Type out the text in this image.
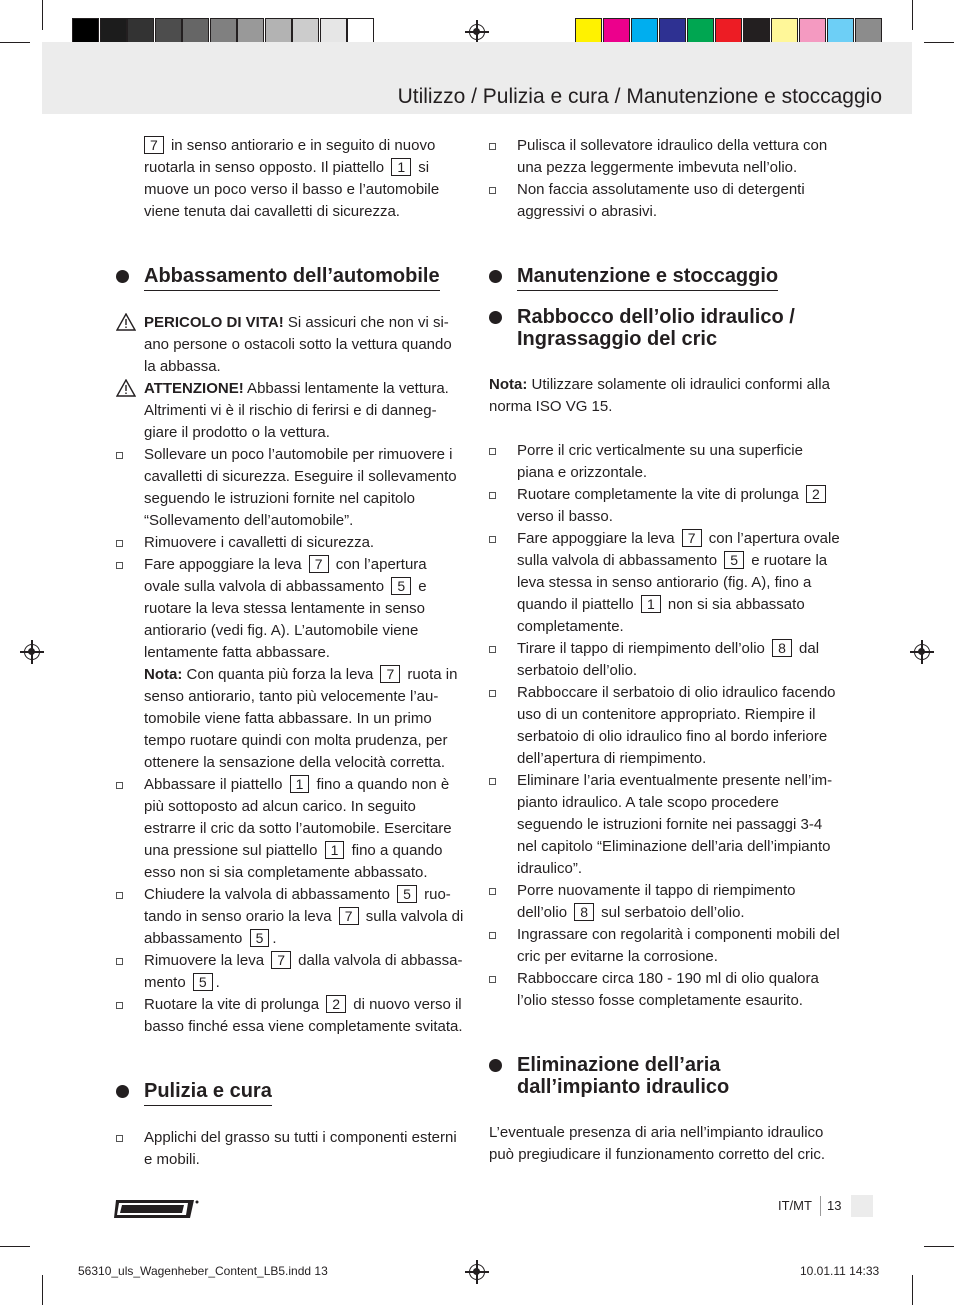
Utilizzo / Pulizia e cura / Manutenzione e stoccaggio

7 in senso antiorario e in seguito di nuovo ruotarla in senso opposto. Il piattello 1 si muove un poco verso il basso e l’automobile viene tenuta dai cavalletti di sicurezza.

Abbassamento dell’automobile

PERICOLO DI VITA! Si assicuri che non vi si-ano persone o ostacoli sotto la vettura quando la abbassa.

ATTENZIONE! Abbassi lentamente la vettura. Altrimenti vi è il rischio di ferirsi e di danneg-giare il prodotto o la vettura.

Sollevare un poco l’automobile per rimuovere i cavalletti di sicurezza. Eseguire il sollevamento seguendo le istruzioni fornite nel capitolo “Sollevamento dell’automobile”.

Rimuovere i cavalletti di sicurezza.

Fare appoggiare la leva 7 con l’apertura ovale sulla valvola di abbassamento 5 e ruotare la leva stessa lentamente in senso antiorario (vedi fig. A). L’automobile viene lentamente fatta abbassare.

Nota: Con quanta più forza la leva 7 ruota in senso antiorario, tanto più velocemente l’au-tomobile viene fatta abbassare. In un primo tempo ruotare quindi con molta prudenza, per ottenere la sensazione della velocità corretta.

Abbassare il piattello 1 fino a quando non è più sottoposto ad alcun carico. In seguito estrarre il cric da sotto l’automobile. Esercitare una pressione sul piattello 1 fino a quando esso non si sia completamente abbassato.

Chiudere la valvola di abbassamento 5 ruo-tando in senso orario la leva 7 sulla valvola di abbassamento 5 .

Rimuovere la leva 7 dalla valvola di abbassa-mento 5 .

Ruotare la vite di prolunga 2 di nuovo verso il basso finché essa viene completamente svitata.

Pulizia e cura

Applichi del grasso su tutti i componenti esterni e mobili.

Pulisca il sollevatore idraulico della vettura con una pezza leggermente imbevuta nell’olio.

Non faccia assolutamente uso di detergenti aggressivi o abrasivi.

Manutenzione e stoccaggio
Rabbocco dell’olio idraulico / Ingrassaggio del cric

Nota: Utilizzare solamente oli idraulici conformi alla norma ISO VG 15.

Porre il cric verticalmente su una superficie piana e orizzontale.

Ruotare completamente la vite di prolunga 2 verso il basso.

Fare appoggiare la leva 7 con l’apertura ovale sulla valvola di abbassamento 5 e ruotare la leva stessa in senso antiorario (fig. A), fino a quando il piattello 1 non si sia abbassato completamente.

Tirare il tappo di riempimento dell’olio 8 dal serbatoio dell’olio.

Rabboccare il serbatoio di olio idraulico facendo uso di un contenitore appropriato. Riempire il serbatoio di olio idraulico fino al bordo inferiore dell’apertura di riempimento.

Eliminare l’aria eventualmente presente nell’im-pianto idraulico. A tale scopo procedere seguendo le istruzioni fornite nei passaggi 3-4 nel capitolo “Eliminazione dell’aria dell’impianto idraulico”.

Porre nuovamente il tappo di riempimento dell’olio 8 sul serbatoio dell’olio.

Ingrassare con regolarità i componenti mobili del cric per evitarne la corrosione.

Rabboccare circa 180 - 190 ml di olio qualora l’olio stesso fosse completamente esaurito.

Eliminazione dell’aria dall’impianto idraulico

L’eventuale presenza di aria nell’impianto idraulico può pregiudicare il funzionamento corretto del cric.

IT/MT 13
56310_uls_Wagenheber_Content_LB5.indd 13	10.01.11 14:33
